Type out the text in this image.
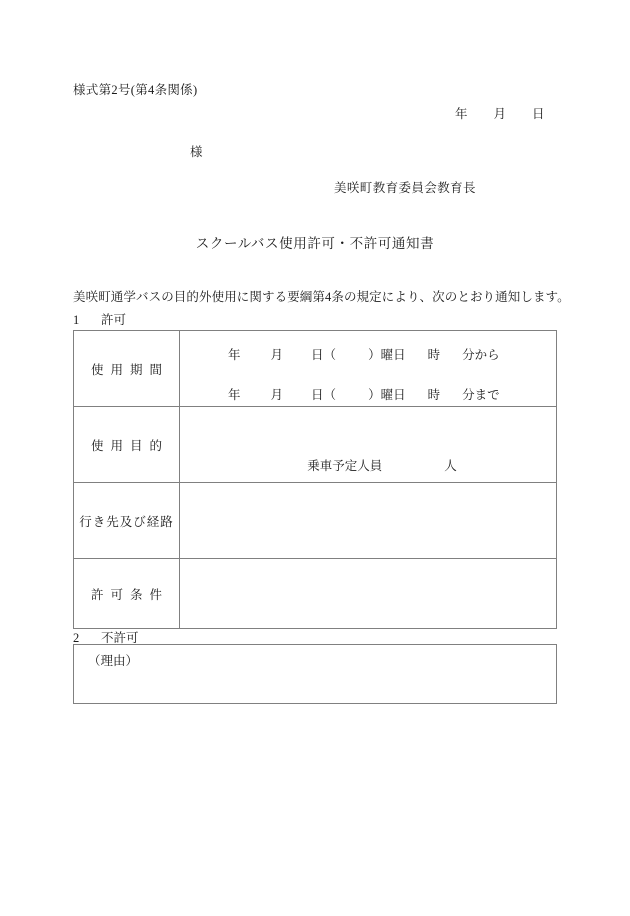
様式第2号(第4条関係)
年 月 日
様
美咲町教育委員会教育長
スクールバス使用許可・不許可通知書
美咲町通学バスの目的外使用に関する要綱第4条の規定により、次のとおり通知します。
1 許可
使用期間	年 月 日（ ）曜日 時 分から
年 月 日（ ）曜日 時 分まで

使用目的	乗車予定人員 人

行き先及び経路	
許可条件	
2 不許可
（理由）
